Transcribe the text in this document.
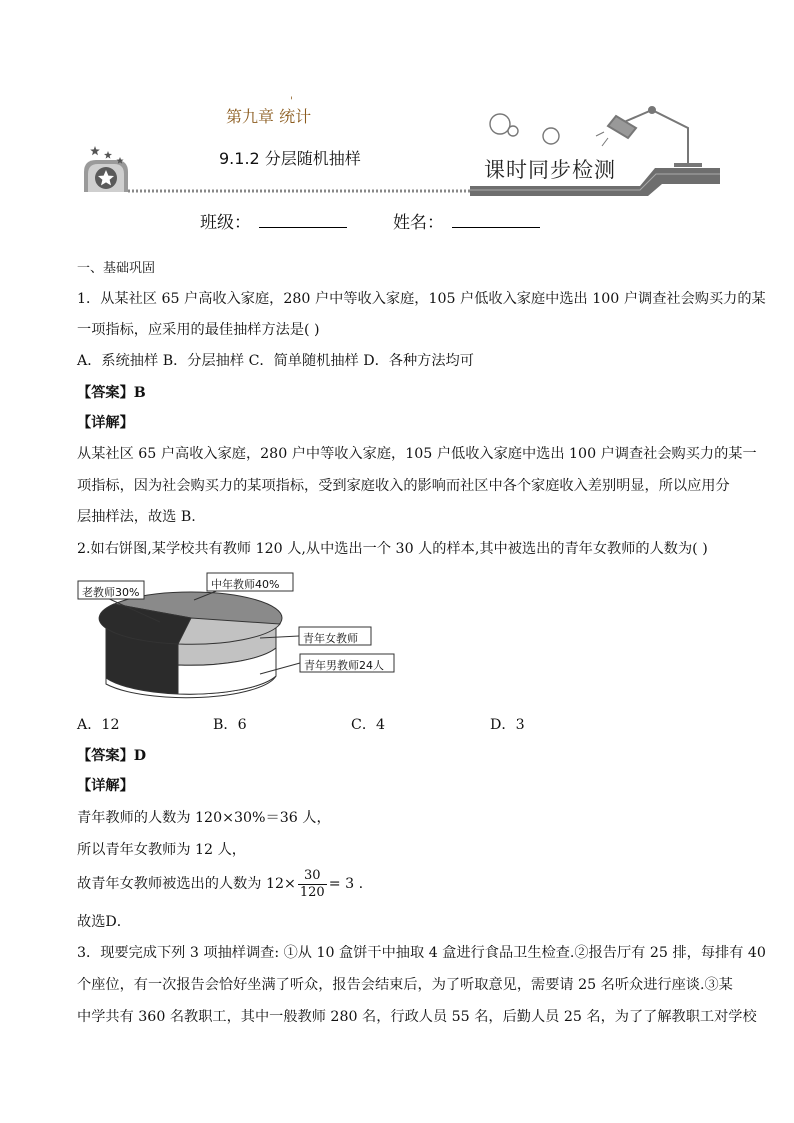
'
第九章 统计
9.1.2 分层随机抽样	课时同步检测
班级：	姓名：
一、基础巩固
1．从某社区 65 户高收入家庭，280 户中等收入家庭，105 户低收入家庭中选出 100 户调查社会购买力的某
一项指标，应采用的最佳抽样方法是( )
A．系统抽样 B．分层抽样 C．简单随机抽样 D．各种方法均可
【答案】B
【详解】
从某社区 65 户高收入家庭，280 户中等收入家庭，105 户低收入家庭中选出 100 户调查社会购买力的某一
项指标，因为社会购买力的某项指标，受到家庭收入的影响而社区中各个家庭收入差别明显，所以应用分
层抽样法，故选 B.
2.如右饼图,某学校共有教师 120 人,从中选出一个 30 人的样本,其中被选出的青年女教师的人数为( )
老教师30%
中年教师40%
青年女教师
青年男教师24人
A．12	B．6	C．4	D．3
【答案】D
【详解】
青年教师的人数为 120×30%＝36 人，
所以青年女教师为 12 人，
故青年女教师被选出的人数为 $12\times \frac{30}{120} = 3$ .
故选D．
3．现要完成下列 3 项抽样调查: ①从 10 盒饼干中抽取 4 盒进行食品卫生检查.②报告厅有 25 排，每排有 40
个座位，有一次报告会恰好坐满了听众，报告会结束后，为了听取意见，需要请 25 名听众进行座谈.③某
中学共有 360 名教职工，其中一般教师 280 名，行政人员 55 名，后勤人员 25 名，为了了解教职工对学校
